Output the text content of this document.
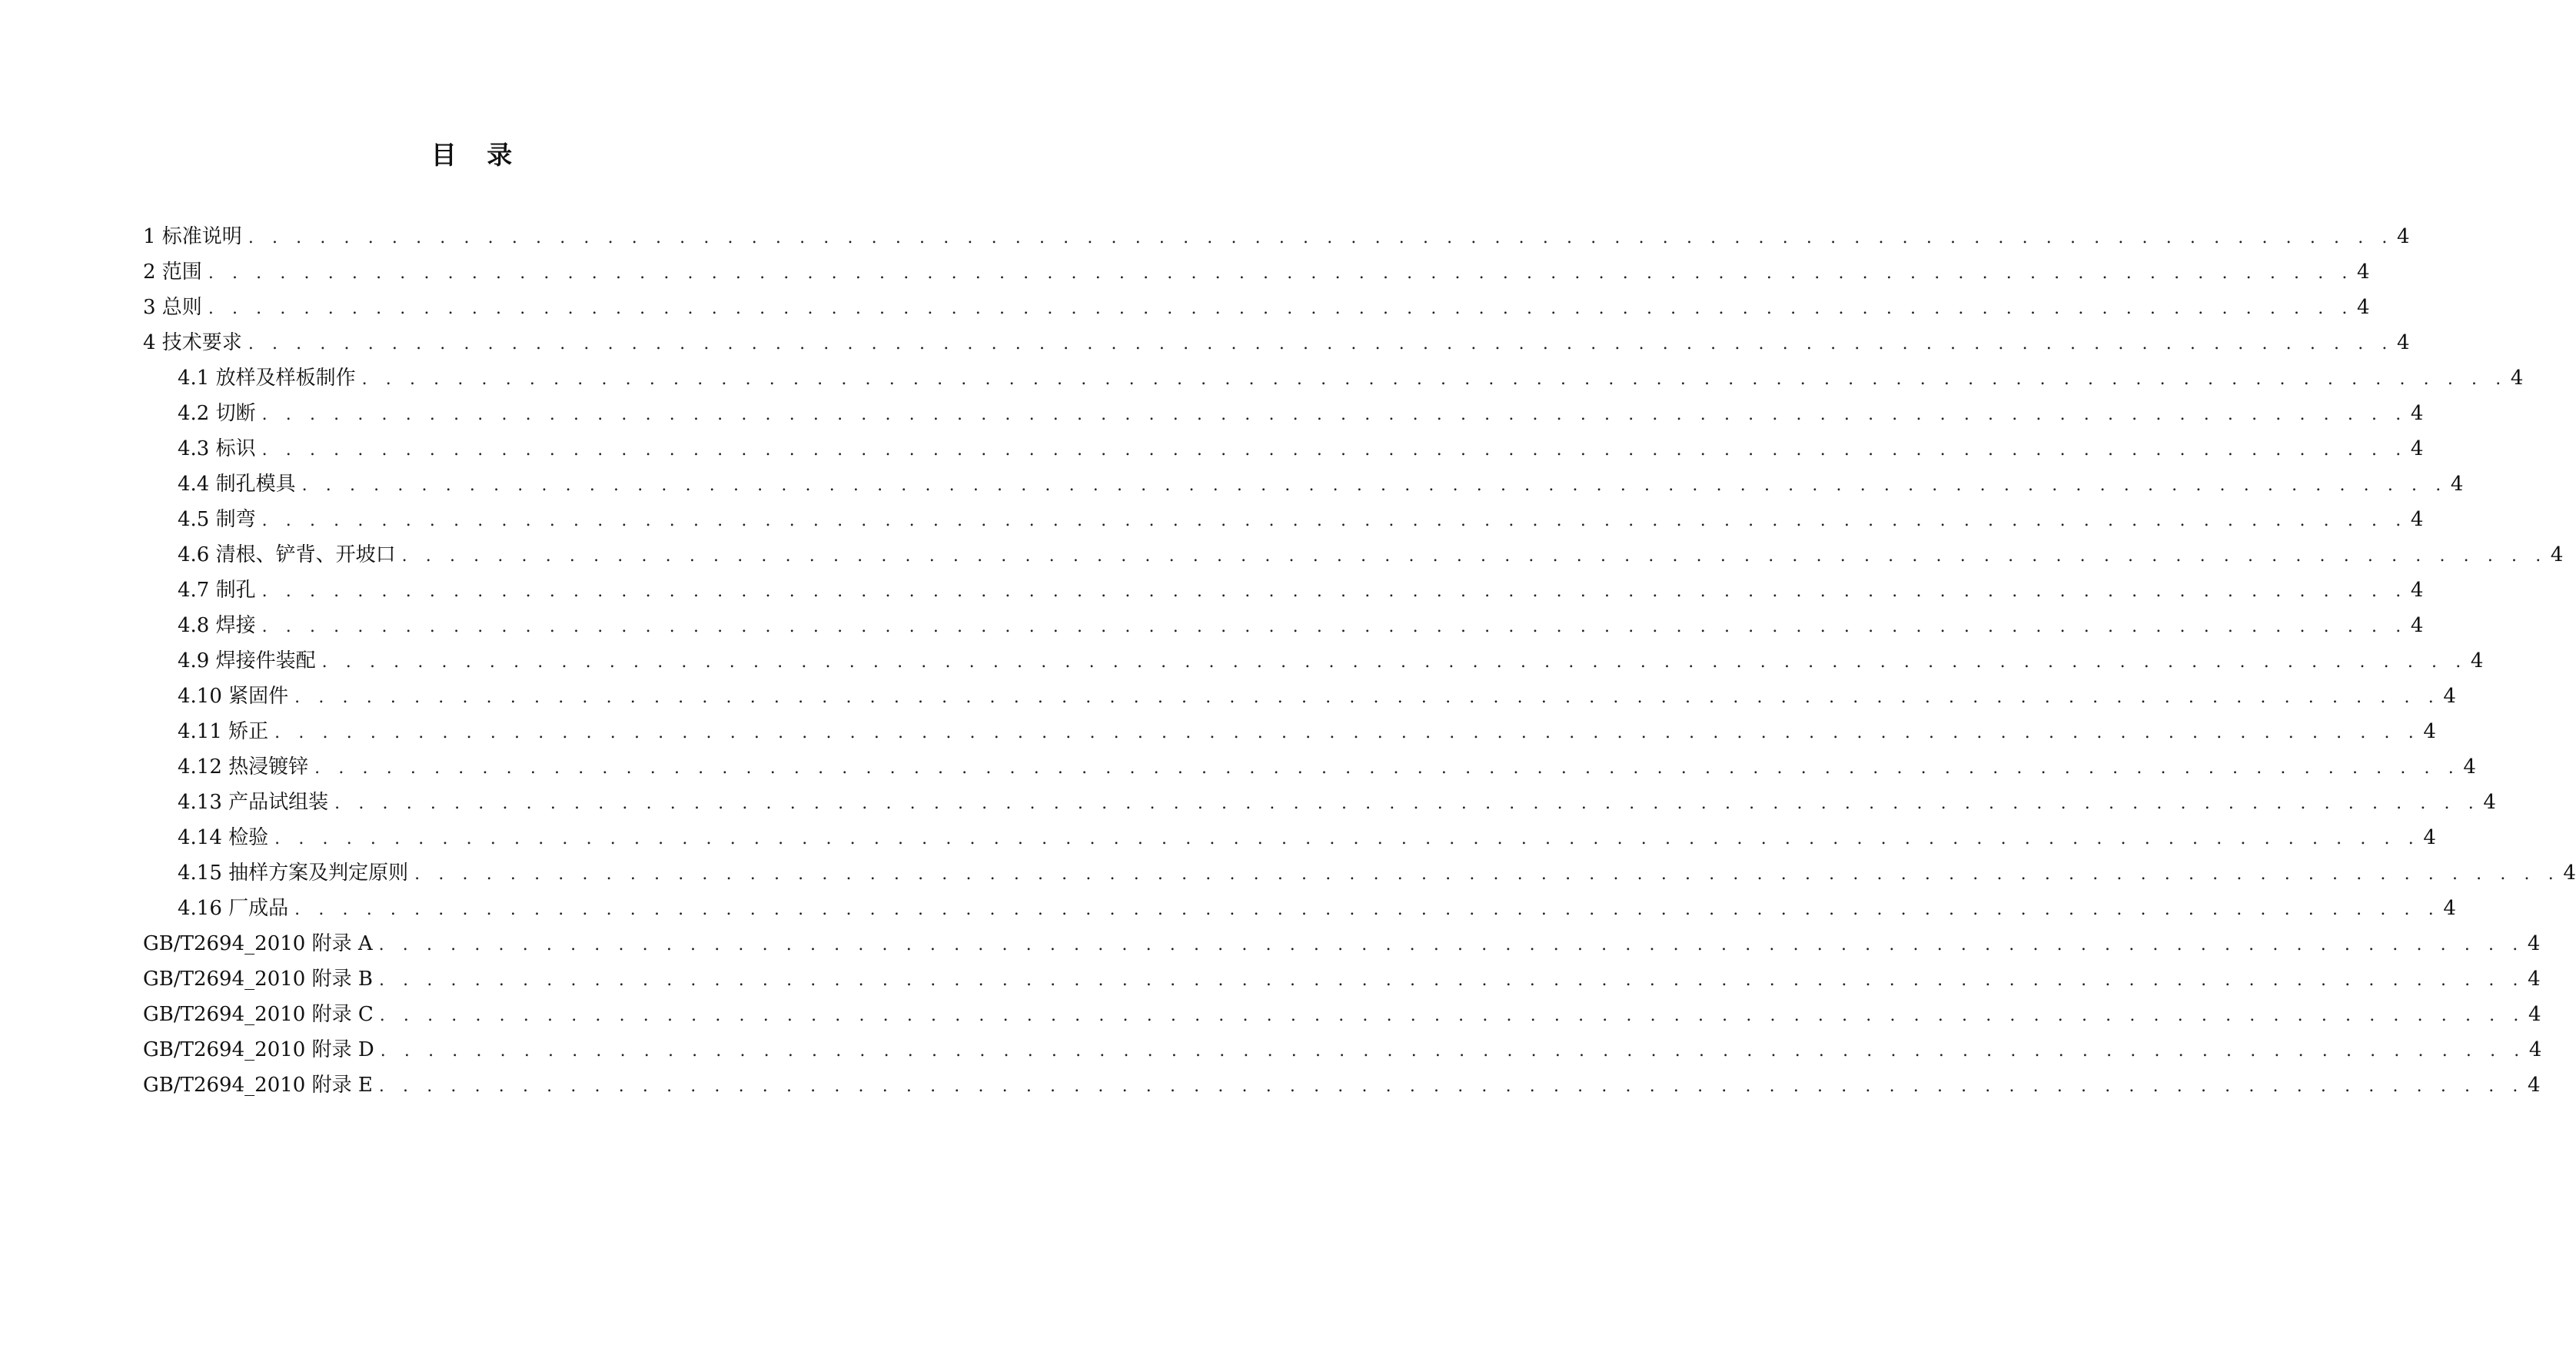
目 录
1 标准说明 . . . . . . . . . . . . . . . . . . . . . . . . . . . . . . . . . . . . . . . . . . . . . . . . . . . . . . . . . . . . . . . . . . . . . . . . . . . . . . . . . . . . . . . . . . 4
2 范围 . . . . . . . . . . . . . . . . . . . . . . . . . . . . . . . . . . . . . . . . . . . . . . . . . . . . . . . . . . . . . . . . . . . . . . . . . . . . . . . . . . . . . . . . . . 4
3 总则 . . . . . . . . . . . . . . . . . . . . . . . . . . . . . . . . . . . . . . . . . . . . . . . . . . . . . . . . . . . . . . . . . . . . . . . . . . . . . . . . . . . . . . . . . . 4
4 技术要求 . . . . . . . . . . . . . . . . . . . . . . . . . . . . . . . . . . . . . . . . . . . . . . . . . . . . . . . . . . . . . . . . . . . . . . . . . . . . . . . . . . . . . . . . . . 4
4.1 放样及样板制作 . . . . . . . . . . . . . . . . . . . . . . . . . . . . . . . . . . . . . . . . . . . . . . . . . . . . . . . . . . . . . . . . . . . . . . . . . . . . . . . . . . . . . . . . . . 4
4.2 切断 . . . . . . . . . . . . . . . . . . . . . . . . . . . . . . . . . . . . . . . . . . . . . . . . . . . . . . . . . . . . . . . . . . . . . . . . . . . . . . . . . . . . . . . . . . 4
4.3 标识 . . . . . . . . . . . . . . . . . . . . . . . . . . . . . . . . . . . . . . . . . . . . . . . . . . . . . . . . . . . . . . . . . . . . . . . . . . . . . . . . . . . . . . . . . . 4
4.4 制孔模具 . . . . . . . . . . . . . . . . . . . . . . . . . . . . . . . . . . . . . . . . . . . . . . . . . . . . . . . . . . . . . . . . . . . . . . . . . . . . . . . . . . . . . . . . . . 4
4.5 制弯 . . . . . . . . . . . . . . . . . . . . . . . . . . . . . . . . . . . . . . . . . . . . . . . . . . . . . . . . . . . . . . . . . . . . . . . . . . . . . . . . . . . . . . . . . . 4
4.6 清根、铲背、开坡口 . . . . . . . . . . . . . . . . . . . . . . . . . . . . . . . . . . . . . . . . . . . . . . . . . . . . . . . . . . . . . . . . . . . . . . . . . . . . . . . . . . . . . . . . . . 4
4.7 制孔 . . . . . . . . . . . . . . . . . . . . . . . . . . . . . . . . . . . . . . . . . . . . . . . . . . . . . . . . . . . . . . . . . . . . . . . . . . . . . . . . . . . . . . . . . . 4
4.8 焊接 . . . . . . . . . . . . . . . . . . . . . . . . . . . . . . . . . . . . . . . . . . . . . . . . . . . . . . . . . . . . . . . . . . . . . . . . . . . . . . . . . . . . . . . . . . 4
4.9 焊接件装配 . . . . . . . . . . . . . . . . . . . . . . . . . . . . . . . . . . . . . . . . . . . . . . . . . . . . . . . . . . . . . . . . . . . . . . . . . . . . . . . . . . . . . . . . . . 4
4.10 紧固件 . . . . . . . . . . . . . . . . . . . . . . . . . . . . . . . . . . . . . . . . . . . . . . . . . . . . . . . . . . . . . . . . . . . . . . . . . . . . . . . . . . . . . . . . . . 4
4.11 矫正 . . . . . . . . . . . . . . . . . . . . . . . . . . . . . . . . . . . . . . . . . . . . . . . . . . . . . . . . . . . . . . . . . . . . . . . . . . . . . . . . . . . . . . . . . . 4
4.12 热浸镀锌 . . . . . . . . . . . . . . . . . . . . . . . . . . . . . . . . . . . . . . . . . . . . . . . . . . . . . . . . . . . . . . . . . . . . . . . . . . . . . . . . . . . . . . . . . . 4
4.13 产品试组装 . . . . . . . . . . . . . . . . . . . . . . . . . . . . . . . . . . . . . . . . . . . . . . . . . . . . . . . . . . . . . . . . . . . . . . . . . . . . . . . . . . . . . . . . . . 4
4.14 检验 . . . . . . . . . . . . . . . . . . . . . . . . . . . . . . . . . . . . . . . . . . . . . . . . . . . . . . . . . . . . . . . . . . . . . . . . . . . . . . . . . . . . . . . . . . 4
4.15 抽样方案及判定原则 . . . . . . . . . . . . . . . . . . . . . . . . . . . . . . . . . . . . . . . . . . . . . . . . . . . . . . . . . . . . . . . . . . . . . . . . . . . . . . . . . . . . . . . . . . 4
4.16 厂成品 . . . . . . . . . . . . . . . . . . . . . . . . . . . . . . . . . . . . . . . . . . . . . . . . . . . . . . . . . . . . . . . . . . . . . . . . . . . . . . . . . . . . . . . . . . 4
GB/T2694_2010 附录 A . . . . . . . . . . . . . . . . . . . . . . . . . . . . . . . . . . . . . . . . . . . . . . . . . . . . . . . . . . . . . . . . . . . . . . . . . . . . . . . . . . . . . . . . . . 4
GB/T2694_2010 附录 B . . . . . . . . . . . . . . . . . . . . . . . . . . . . . . . . . . . . . . . . . . . . . . . . . . . . . . . . . . . . . . . . . . . . . . . . . . . . . . . . . . . . . . . . . . 4
GB/T2694_2010 附录 C . . . . . . . . . . . . . . . . . . . . . . . . . . . . . . . . . . . . . . . . . . . . . . . . . . . . . . . . . . . . . . . . . . . . . . . . . . . . . . . . . . . . . . . . . . 4
GB/T2694_2010 附录 D . . . . . . . . . . . . . . . . . . . . . . . . . . . . . . . . . . . . . . . . . . . . . . . . . . . . . . . . . . . . . . . . . . . . . . . . . . . . . . . . . . . . . . . . . . 4
GB/T2694_2010 附录 E . . . . . . . . . . . . . . . . . . . . . . . . . . . . . . . . . . . . . . . . . . . . . . . . . . . . . . . . . . . . . . . . . . . . . . . . . . . . . . . . . . . . . . . . . . 4
